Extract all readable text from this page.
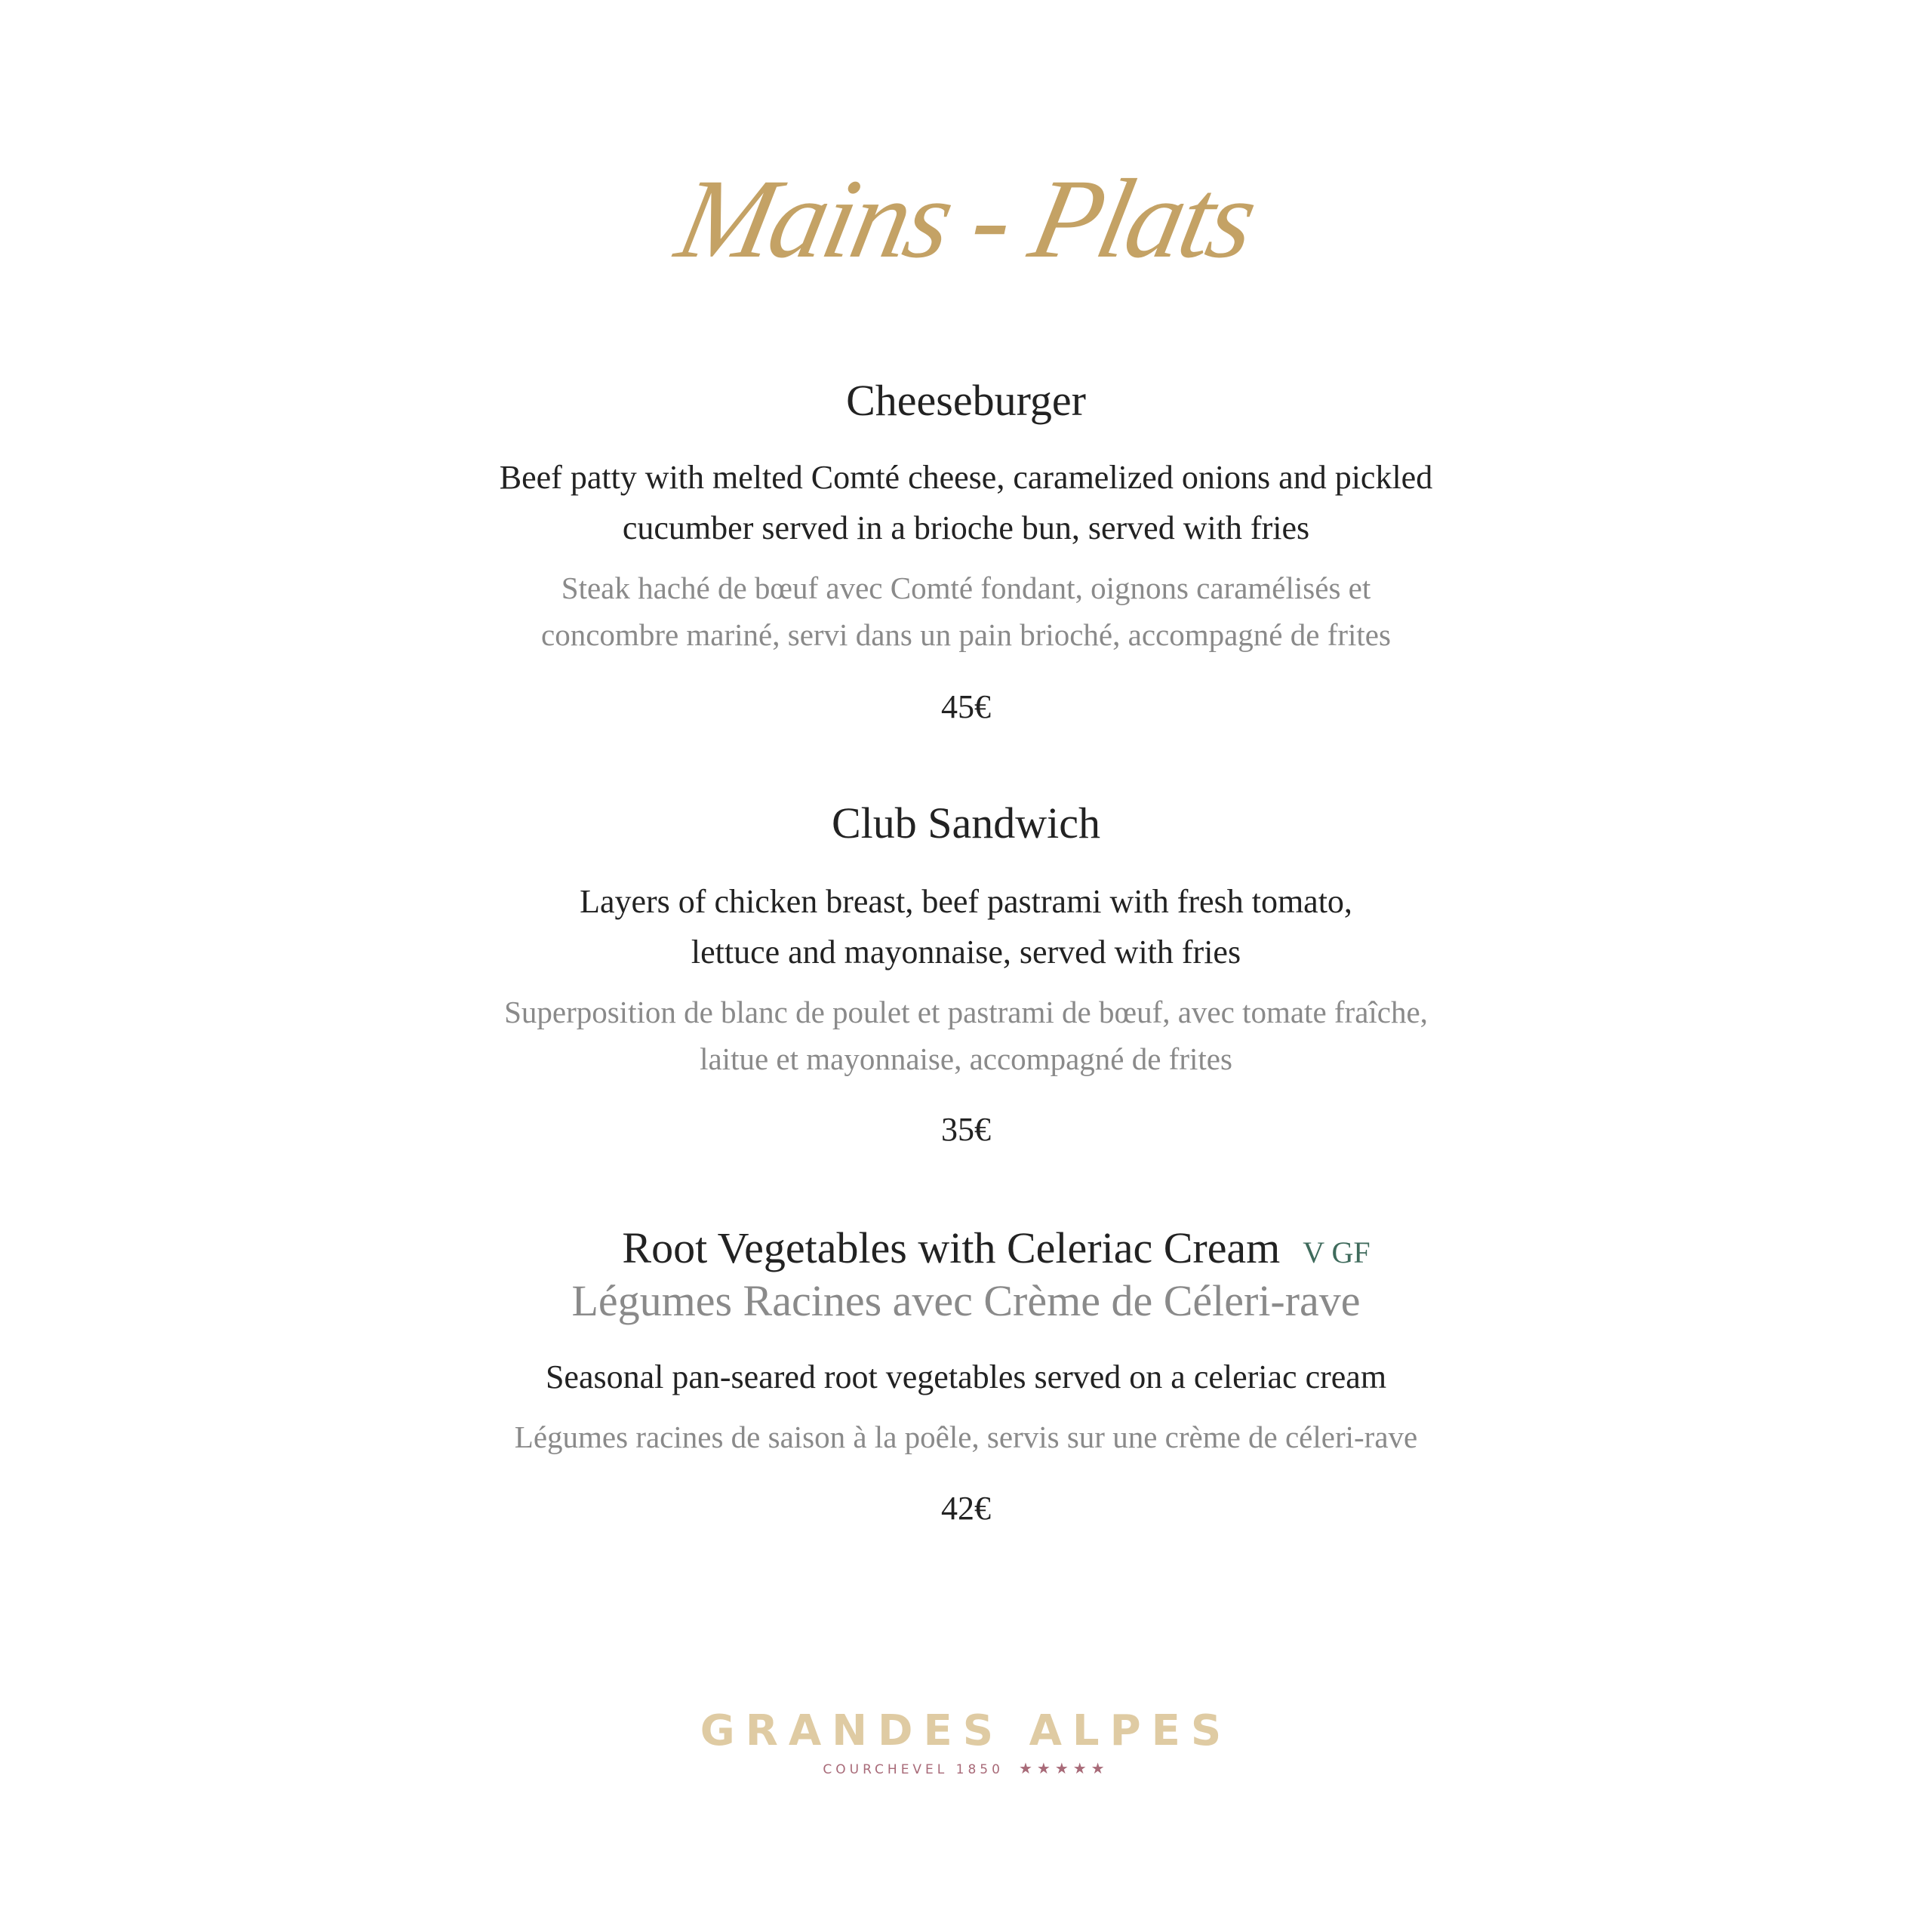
Mains - Plats
Cheeseburger
Beef patty with melted Comté cheese, caramelized onions and pickled
cucumber served in a brioche bun, served with fries
Steak haché de bœuf avec Comté fondant, oignons caramélisés et
concombre mariné, servi dans un pain brioché, accompagné de frites
45€
Club Sandwich
Layers of chicken breast, beef pastrami with fresh tomato,
lettuce and mayonnaise, served with fries
Superposition de blanc de poulet et pastrami de bœuf, avec tomate fraîche,
laitue et mayonnaise, accompagné de frites
35€
Root Vegetables with Celeriac Cream V GF
Légumes Racines avec Crème de Céleri-rave
Seasonal pan-seared root vegetables served on a celeriac cream
Légumes racines de saison à la poêle, servis sur une crème de céleri-rave
42€
GRANDES ALPES
COURCHEVEL 1850 ★★★★★
